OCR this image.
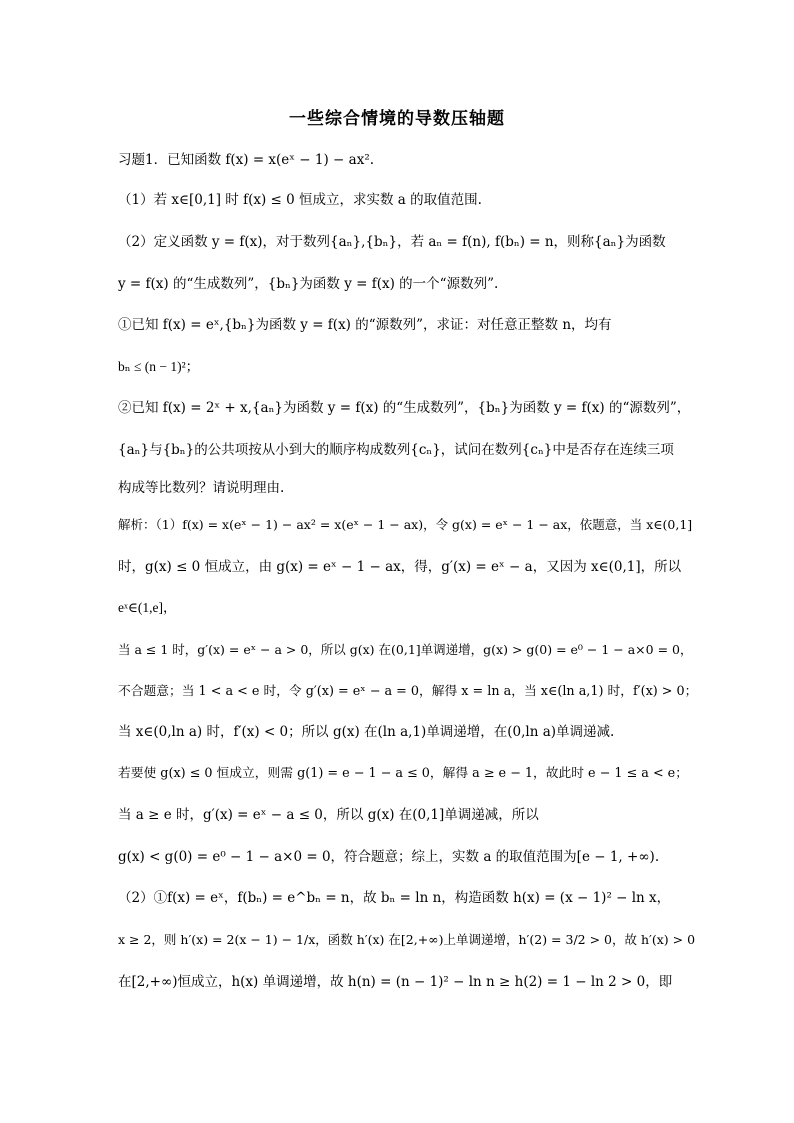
一些综合情境的导数压轴题
习题1．已知函数 f(x) = x(eˣ − 1) − ax².
（1）若 x∈[0,1] 时 f(x) ≤ 0 恒成立，求实数 a 的取值范围.
（2）定义函数 y = f(x)，对于数列{aₙ},{bₙ}，若 aₙ = f(n), f(bₙ) = n，则称{aₙ}为函数
y = f(x) 的“生成数列”，{bₙ}为函数 y = f(x) 的一个“源数列”.
①已知 f(x) = eˣ,{bₙ}为函数 y = f(x) 的“源数列”，求证：对任意正整数 n，均有
bₙ ≤ (n − 1)²；
②已知 f(x) = 2ˣ + x,{aₙ}为函数 y = f(x) 的“生成数列”，{bₙ}为函数 y = f(x) 的“源数列”，
{aₙ}与{bₙ}的公共项按从小到大的顺序构成数列{cₙ}，试问在数列{cₙ}中是否存在连续三项
构成等比数列？请说明理由.
解析：（1）f(x) = x(eˣ − 1) − ax² = x(eˣ − 1 − ax)，令 g(x) = eˣ − 1 − ax，依题意，当 x∈(0,1]
时，g(x) ≤ 0 恒成立，由 g(x) = eˣ − 1 − ax，得，g′(x) = eˣ − a，又因为 x∈(0,1]，所以
eˣ∈(1,e]，
当 a ≤ 1 时，g′(x) = eˣ − a > 0，所以 g(x) 在(0,1]单调递增，g(x) > g(0) = e⁰ − 1 − a×0 = 0，
不合题意；当 1 < a < e 时，令 g′(x) = eˣ − a = 0，解得 x = ln a，当 x∈(ln a,1) 时，f′(x) > 0；
当 x∈(0,ln a) 时，f′(x) < 0；所以 g(x) 在(ln a,1)单调递增，在(0,ln a)单调递减.
若要使 g(x) ≤ 0 恒成立，则需 g(1) = e − 1 − a ≤ 0，解得 a ≥ e − 1，故此时 e − 1 ≤ a < e；
当 a ≥ e 时，g′(x) = eˣ − a ≤ 0，所以 g(x) 在(0,1]单调递减，所以
g(x) < g(0) = e⁰ − 1 − a×0 = 0，符合题意；综上，实数 a 的取值范围为[e − 1, +∞).
（2）①f(x) = eˣ，f(bₙ) = e^bₙ = n，故 bₙ = ln n，构造函数 h(x) = (x − 1)² − ln x，
x ≥ 2，则 h′(x) = 2(x − 1) − 1/x，函数 h′(x) 在[2,+∞)上单调递增，h′(2) = 3/2 > 0，故 h′(x) > 0
在[2,+∞)恒成立，h(x) 单调递增，故 h(n) = (n − 1)² − ln n ≥ h(2) = 1 − ln 2 > 0，即
